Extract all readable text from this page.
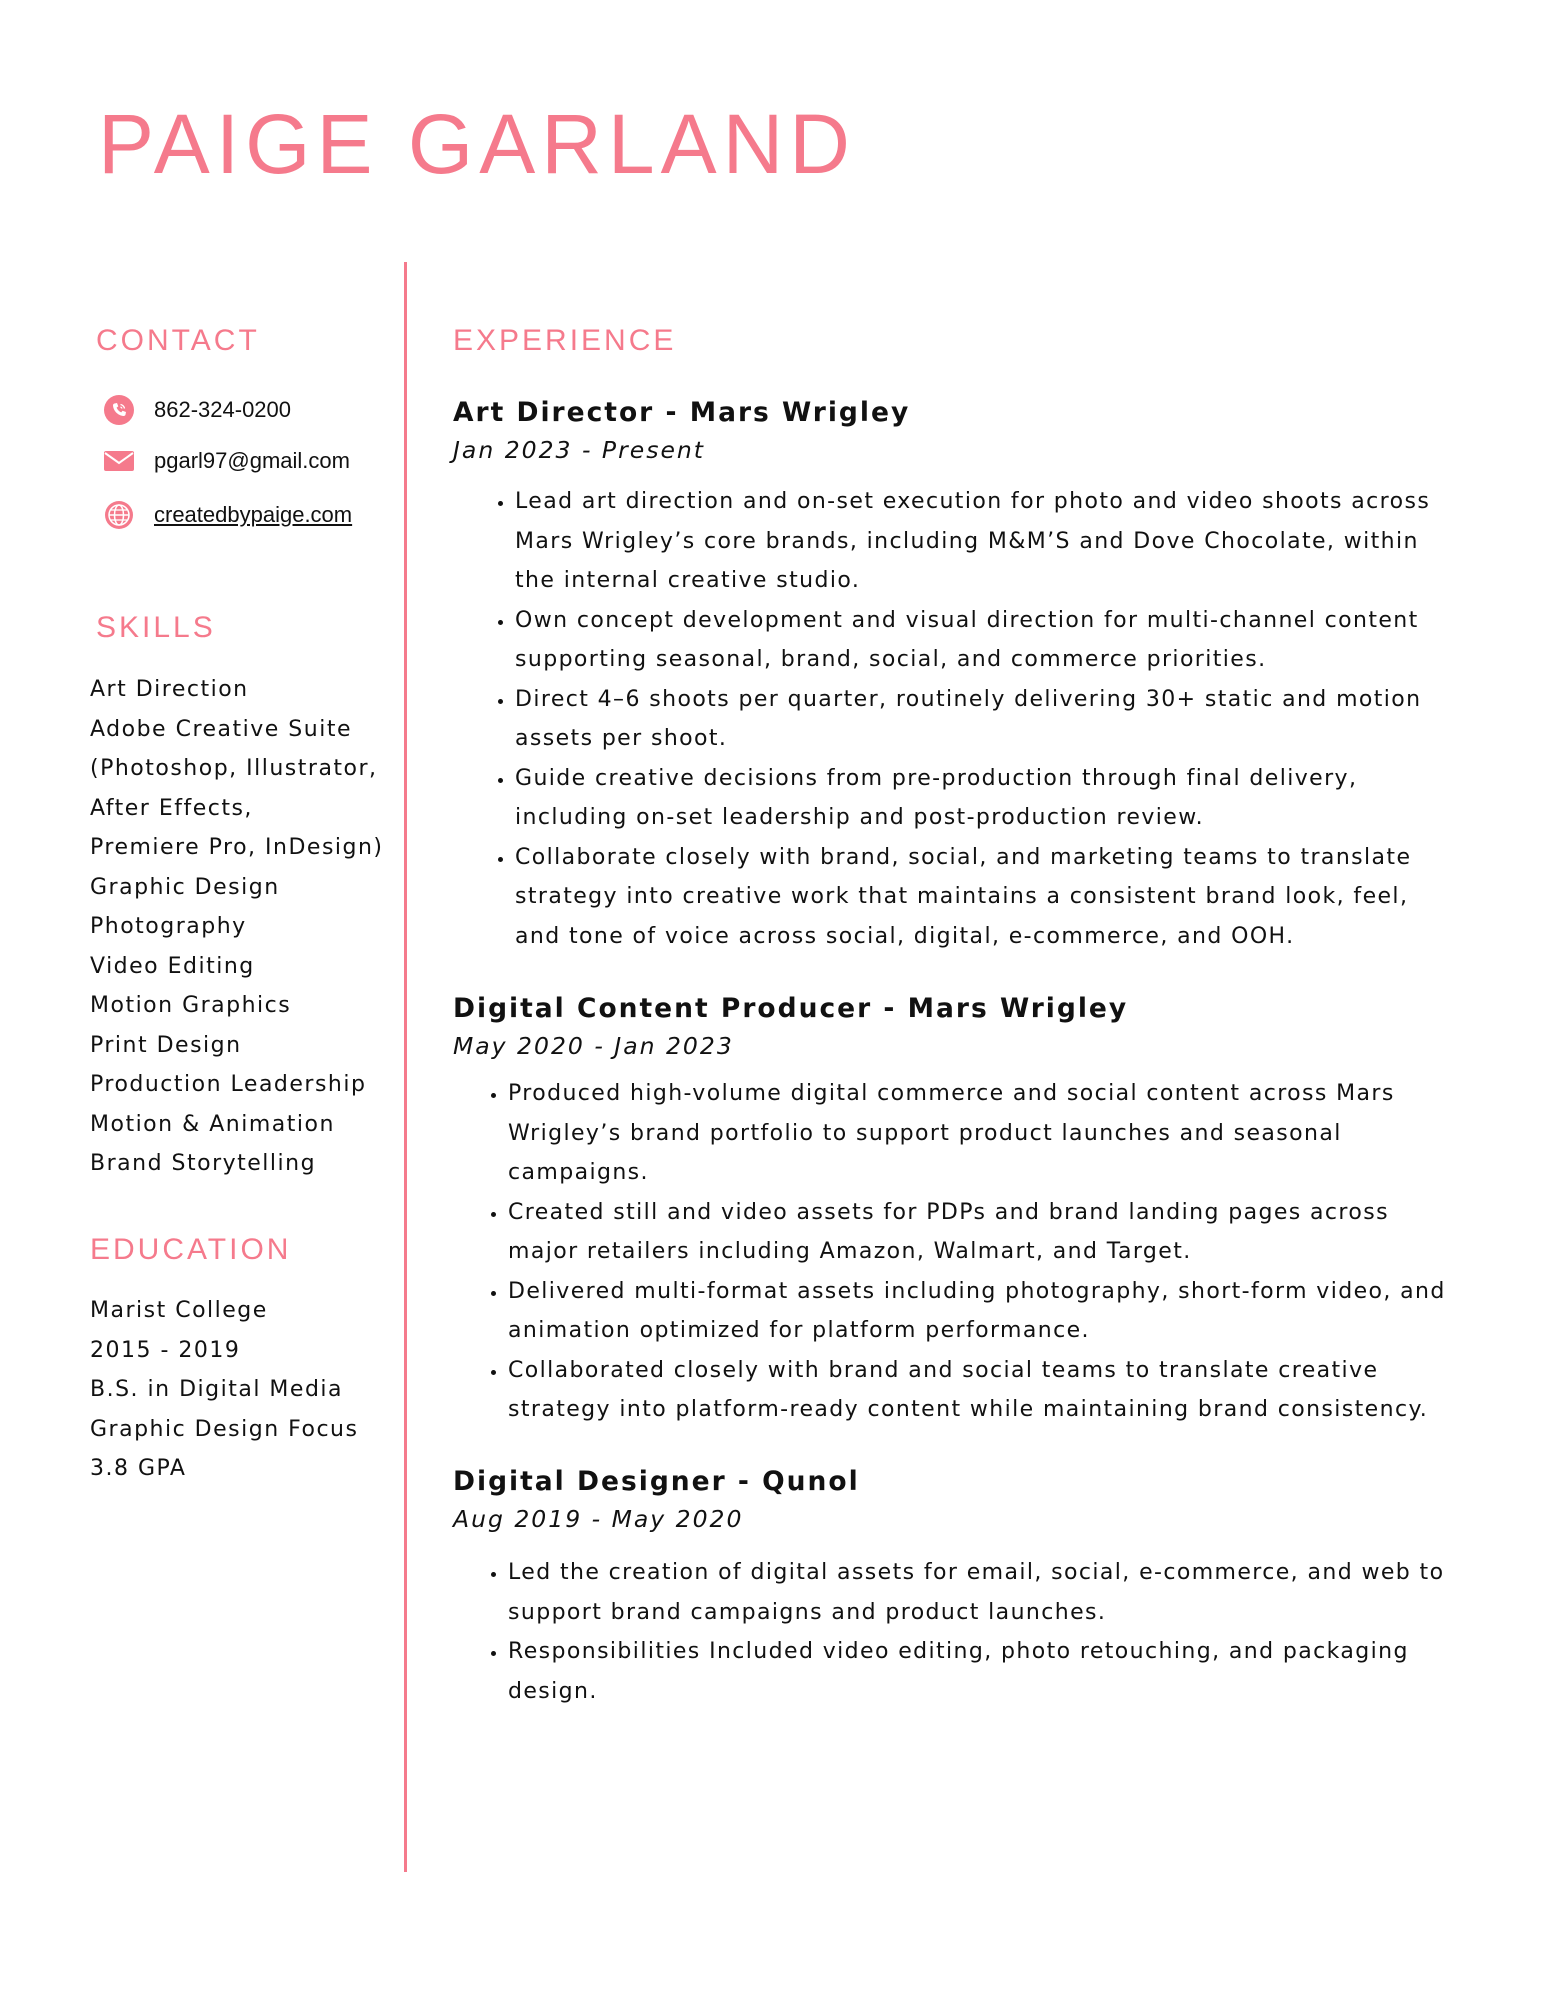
PAIGE GARLAND
CONTACT
862-324-0200
pgarl97@gmail.com
createdbypaige.com
SKILLS
Art Direction
Adobe Creative Suite
(Photoshop, Illustrator,
After Effects,
Premiere Pro, InDesign)
Graphic Design
Photography
Video Editing
Motion Graphics
Print Design
Production Leadership
Motion & Animation
Brand Storytelling
EDUCATION
Marist College
2015 - 2019
B.S. in Digital Media
Graphic Design Focus
3.8 GPA
EXPERIENCE
Art Director - Mars Wrigley
Jan 2023 - Present
• Lead art direction and on-set execution for photo and video shoots across Mars Wrigley’s core brands, including M&M’S and Dove Chocolate, within the internal creative studio.
• Own concept development and visual direction for multi-channel content supporting seasonal, brand, social, and commerce priorities.
• Direct 4–6 shoots per quarter, routinely delivering 30+ static and motion assets per shoot.
• Guide creative decisions from pre-production through final delivery, including on-set leadership and post-production review.
• Collaborate closely with brand, social, and marketing teams to translate strategy into creative work that maintains a consistent brand look, feel, and tone of voice across social, digital, e-commerce, and OOH.
Digital Content Producer - Mars Wrigley
May 2020 - Jan 2023
• Produced high-volume digital commerce and social content across Mars Wrigley’s brand portfolio to support product launches and seasonal campaigns.
• Created still and video assets for PDPs and brand landing pages across major retailers including Amazon, Walmart, and Target.
• Delivered multi-format assets including photography, short-form video, and animation optimized for platform performance.
• Collaborated closely with brand and social teams to translate creative strategy into platform-ready content while maintaining brand consistency.
Digital Designer - Qunol
Aug 2019 - May 2020
• Led the creation of digital assets for email, social, e-commerce, and web to support brand campaigns and product launches.
• Responsibilities Included video editing, photo retouching, and packaging design.
